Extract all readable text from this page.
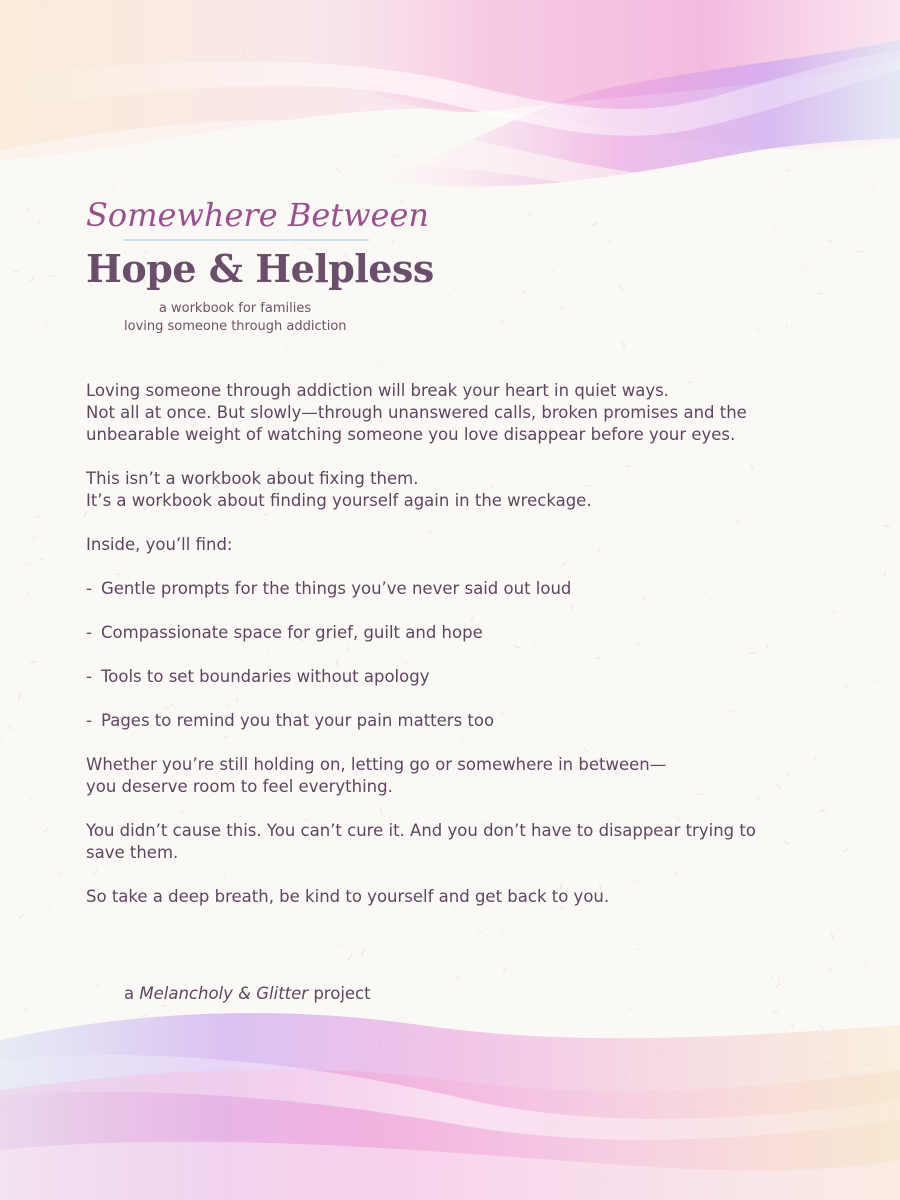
Somewhere Between
Hope & Helpless
a workbook for families
loving someone through addiction

Loving someone through addiction will break your heart in quiet ways.
Not all at once. But slowly—through unanswered calls, broken promises and the
unbearable weight of watching someone you love disappear before your eyes.

This isn’t a workbook about fixing them.
It’s a workbook about finding yourself again in the wreckage.

Inside, you’ll find:

- Gentle prompts for the things you’ve never said out loud
- Compassionate space for grief, guilt and hope
- Tools to set boundaries without apology
- Pages to remind you that your pain matters too

Whether you’re still holding on, letting go or somewhere in between—
you deserve room to feel everything.

You didn’t cause this. You can’t cure it. And you don’t have to disappear trying to
save them.

So take a deep breath, be kind to yourself and get back to you.

a Melancholy & Glitter project
